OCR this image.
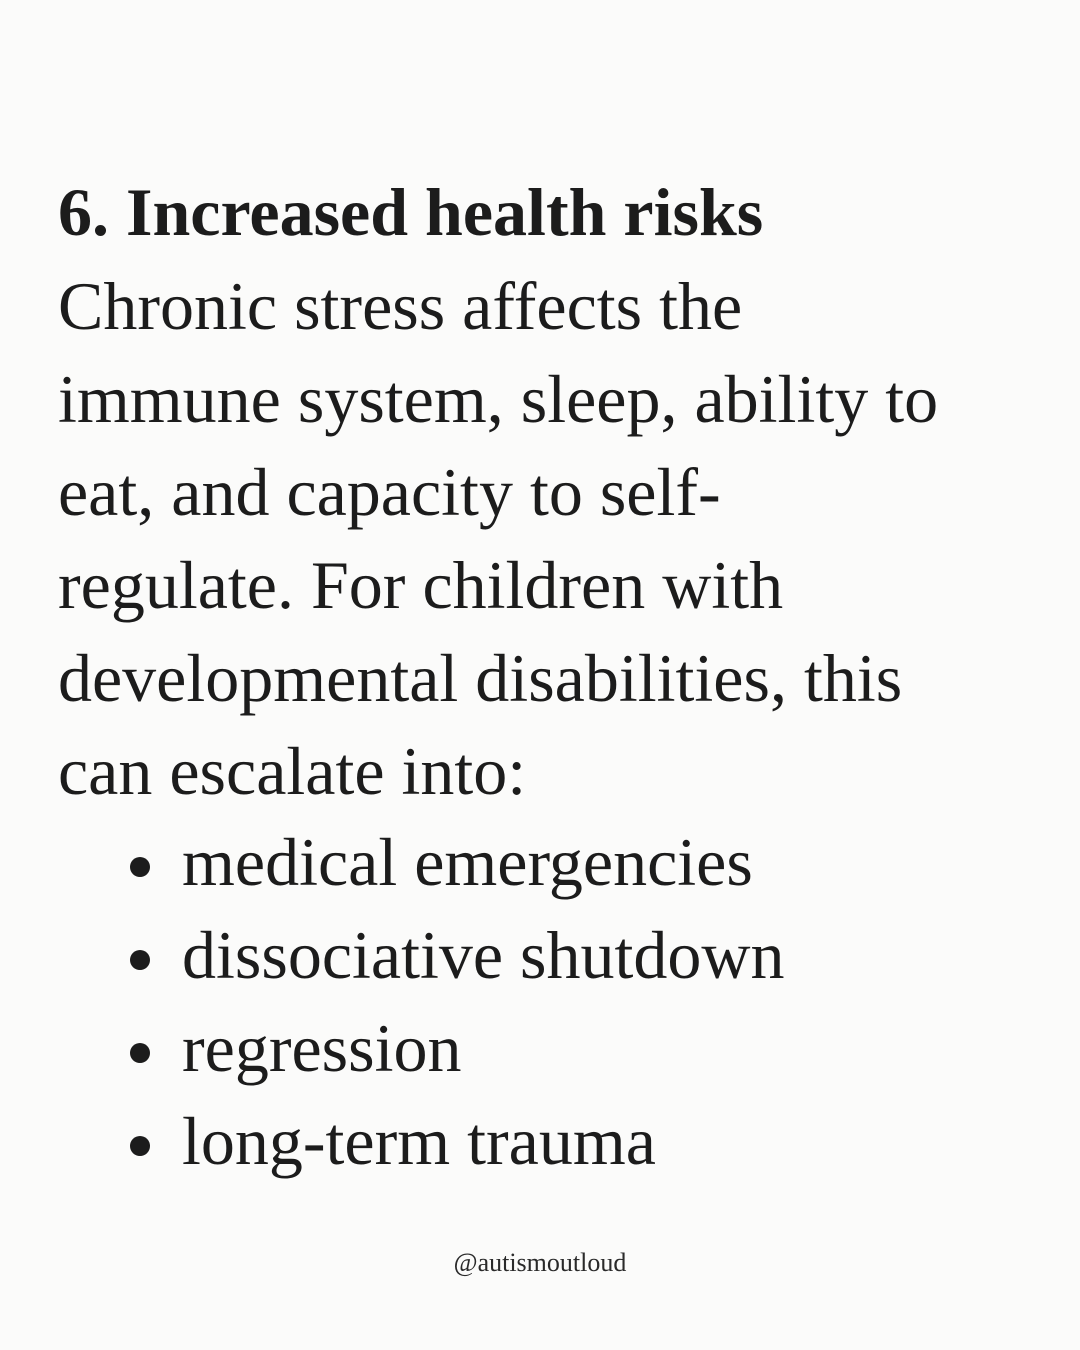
6. Increased health risks

Chronic stress affects the
immune system, sleep, ability to
eat, and capacity to self-
regulate. For children with
developmental disabilities, this
can escalate into:

medical emergencies
dissociative shutdown
regression
long-term trauma
@autismoutloud
